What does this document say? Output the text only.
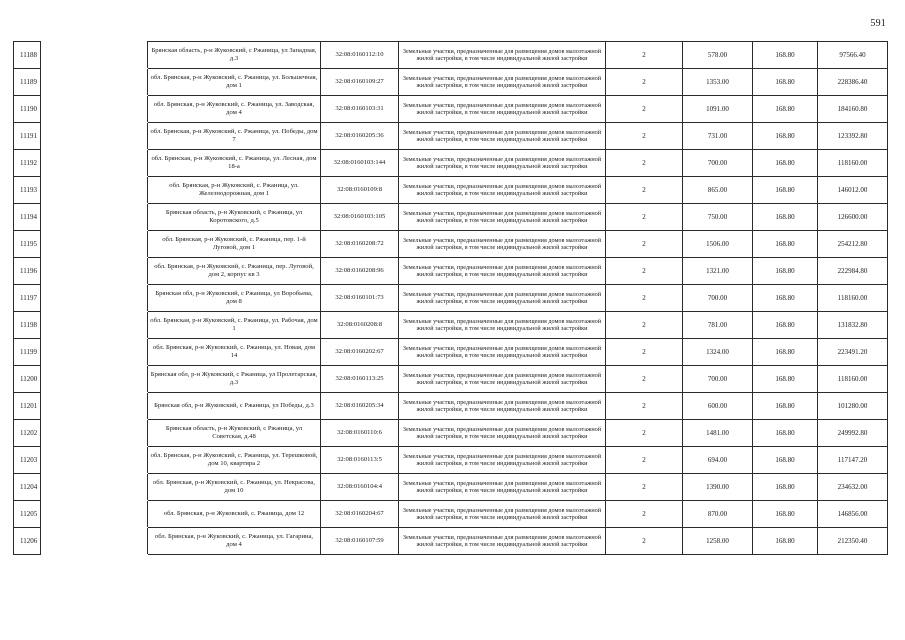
591
11188		Брянская область, р-н Жуковский, с Ржаница, ул Западная, д.3	32:08:0160112:10	Земельные участки, предназначенные для размещения домов малоэтажной жилой застройки, в том числе индивидуальной жилой застройки	2	578.00	168.80	97566.40
11189		обл. Брянская, р-н Жуковский, с. Ржаница, ул. Большечная, дом 1	32:08:0160109:27	Земельные участки, предназначенные для размещения домов малоэтажной жилой застройки, в том числе индивидуальной жилой застройки	2	1353.00	168.80	228386.40
11190		обл. Брянская, р-н Жуковский, с. Ржаница, ул. Заводская, дом 4	32:08:0160103:31	Земельные участки, предназначенные для размещения домов малоэтажной жилой застройки, в том числе индивидуальной жилой застройки	2	1091.00	168.80	184160.80
11191		обл. Брянская, р-н Жуковский, с. Ржаница, ул. Победы, дом 7	32:08:0160205:36	Земельные участки, предназначенные для размещения домов малоэтажной жилой застройки, в том числе индивидуальной жилой застройки	2	731.00	168.80	123392.80
11192		обл. Брянская, р-н Жуковский, с. Ржаница, ул. Лесная, дом 18-а	32:08:0160103:144	Земельные участки, предназначенные для размещения домов малоэтажной жилой застройки, в том числе индивидуальной жилой застройки	2	700.00	168.80	118160.00
11193		обл. Брянская, р-н Жуковский, с. Ржаница, ул. Железнодорожная, дом 1	32:08:0160109:8	Земельные участки, предназначенные для размещения домов малоэтажной жилой застройки, в том числе индивидуальной жилой застройки	2	865.00	168.80	146012.00
11194		Брянская область, р-н Жуковский, с Ржаница, ул Коротовского, д.5	32:08:0160103:105	Земельные участки, предназначенные для размещения домов малоэтажной жилой застройки, в том числе индивидуальной жилой застройки	2	750.00	168.80	126600.00
11195		обл. Брянская, р-н Жуковский, с. Ржаница, пер. 1-й Луговой, дом 1	32:08:0160208:72	Земельные участки, предназначенные для размещения домов малоэтажной жилой застройки, в том числе индивидуальной жилой застройки	2	1506.00	168.80	254212.80
11196		обл. Брянская, р-н Жуковский, с. Ржаница, пер. Луговой, дом 2, корпус кв 3	32:08:0160208:96	Земельные участки, предназначенные для размещения домов малоэтажной жилой застройки, в том числе индивидуальной жилой застройки	2	1321.00	168.80	222984.80
11197		Брянская обл, р-н Жуковский, с Ржаница, ул Воробьева, дом 8	32:08:0160101:73	Земельные участки, предназначенные для размещения домов малоэтажной жилой застройки, в том числе индивидуальной жилой застройки	2	700.00	168.80	118160.00
11198		обл. Брянская, р-н Жуковский, с. Ржаница, ул. Рабочая, дом 1	32:08:0160208:8	Земельные участки, предназначенные для размещения домов малоэтажной жилой застройки, в том числе индивидуальной жилой застройки	2	781.00	168.80	131832.80
11199		обл. Брянская, р-н Жуковский, с. Ржаница, ул. Новая, дом 14	32:08:0160202:67	Земельные участки, предназначенные для размещения домов малоэтажной жилой застройки, в том числе индивидуальной жилой застройки	2	1324.00	168.80	223491.20
11200		Брянская обл, р-н Жуковский, с Ржаница, ул Пролетарская, д.3	32:08:0160113:25	Земельные участки, предназначенные для размещения домов малоэтажной жилой застройки, в том числе индивидуальной жилой застройки	2	700.00	168.80	118160.00
11201		Брянская обл, р-н Жуковский, с Ржаница, ул Победы, д.3	32:08:0160205:34	Земельные участки, предназначенные для размещения домов малоэтажной жилой застройки, в том числе индивидуальной жилой застройки	2	600.00	168.80	101280.00
11202		Брянская область, р-н Жуковский, с Ржаница, ул Советская, д.48	32:08:0160110:6	Земельные участки, предназначенные для размещения домов малоэтажной жилой застройки, в том числе индивидуальной жилой застройки	2	1481.00	168.80	249992.80
11203		обл. Брянская, р-н Жуковский, с. Ржаница, ул. Терешковой, дом 10, квартира 2	32:08:0160113:5	Земельные участки, предназначенные для размещения домов малоэтажной жилой застройки, в том числе индивидуальной жилой застройки	2	694.00	168.80	117147.20
11204		обл. Брянская, р-н Жуковский, с. Ржаница, ул. Некрасова, дом 10	32:08:0160104:4	Земельные участки, предназначенные для размещения домов малоэтажной жилой застройки, в том числе индивидуальной жилой застройки	2	1390.00	168.80	234632.00
11205		обл. Брянская, р-н Жуковский, с. Ржаница, дом 12	32:08:0160204:67	Земельные участки, предназначенные для размещения домов малоэтажной жилой застройки, в том числе индивидуальной жилой застройки	2	870.00	168.80	146856.00
11206		обл. Брянская, р-н Жуковский, с. Ржаница, ул. Гагарина, дом 4	32:08:0160107:59	Земельные участки, предназначенные для размещения домов малоэтажной жилой застройки, в том числе индивидуальной жилой застройки	2	1258.00	168.80	212350.40
